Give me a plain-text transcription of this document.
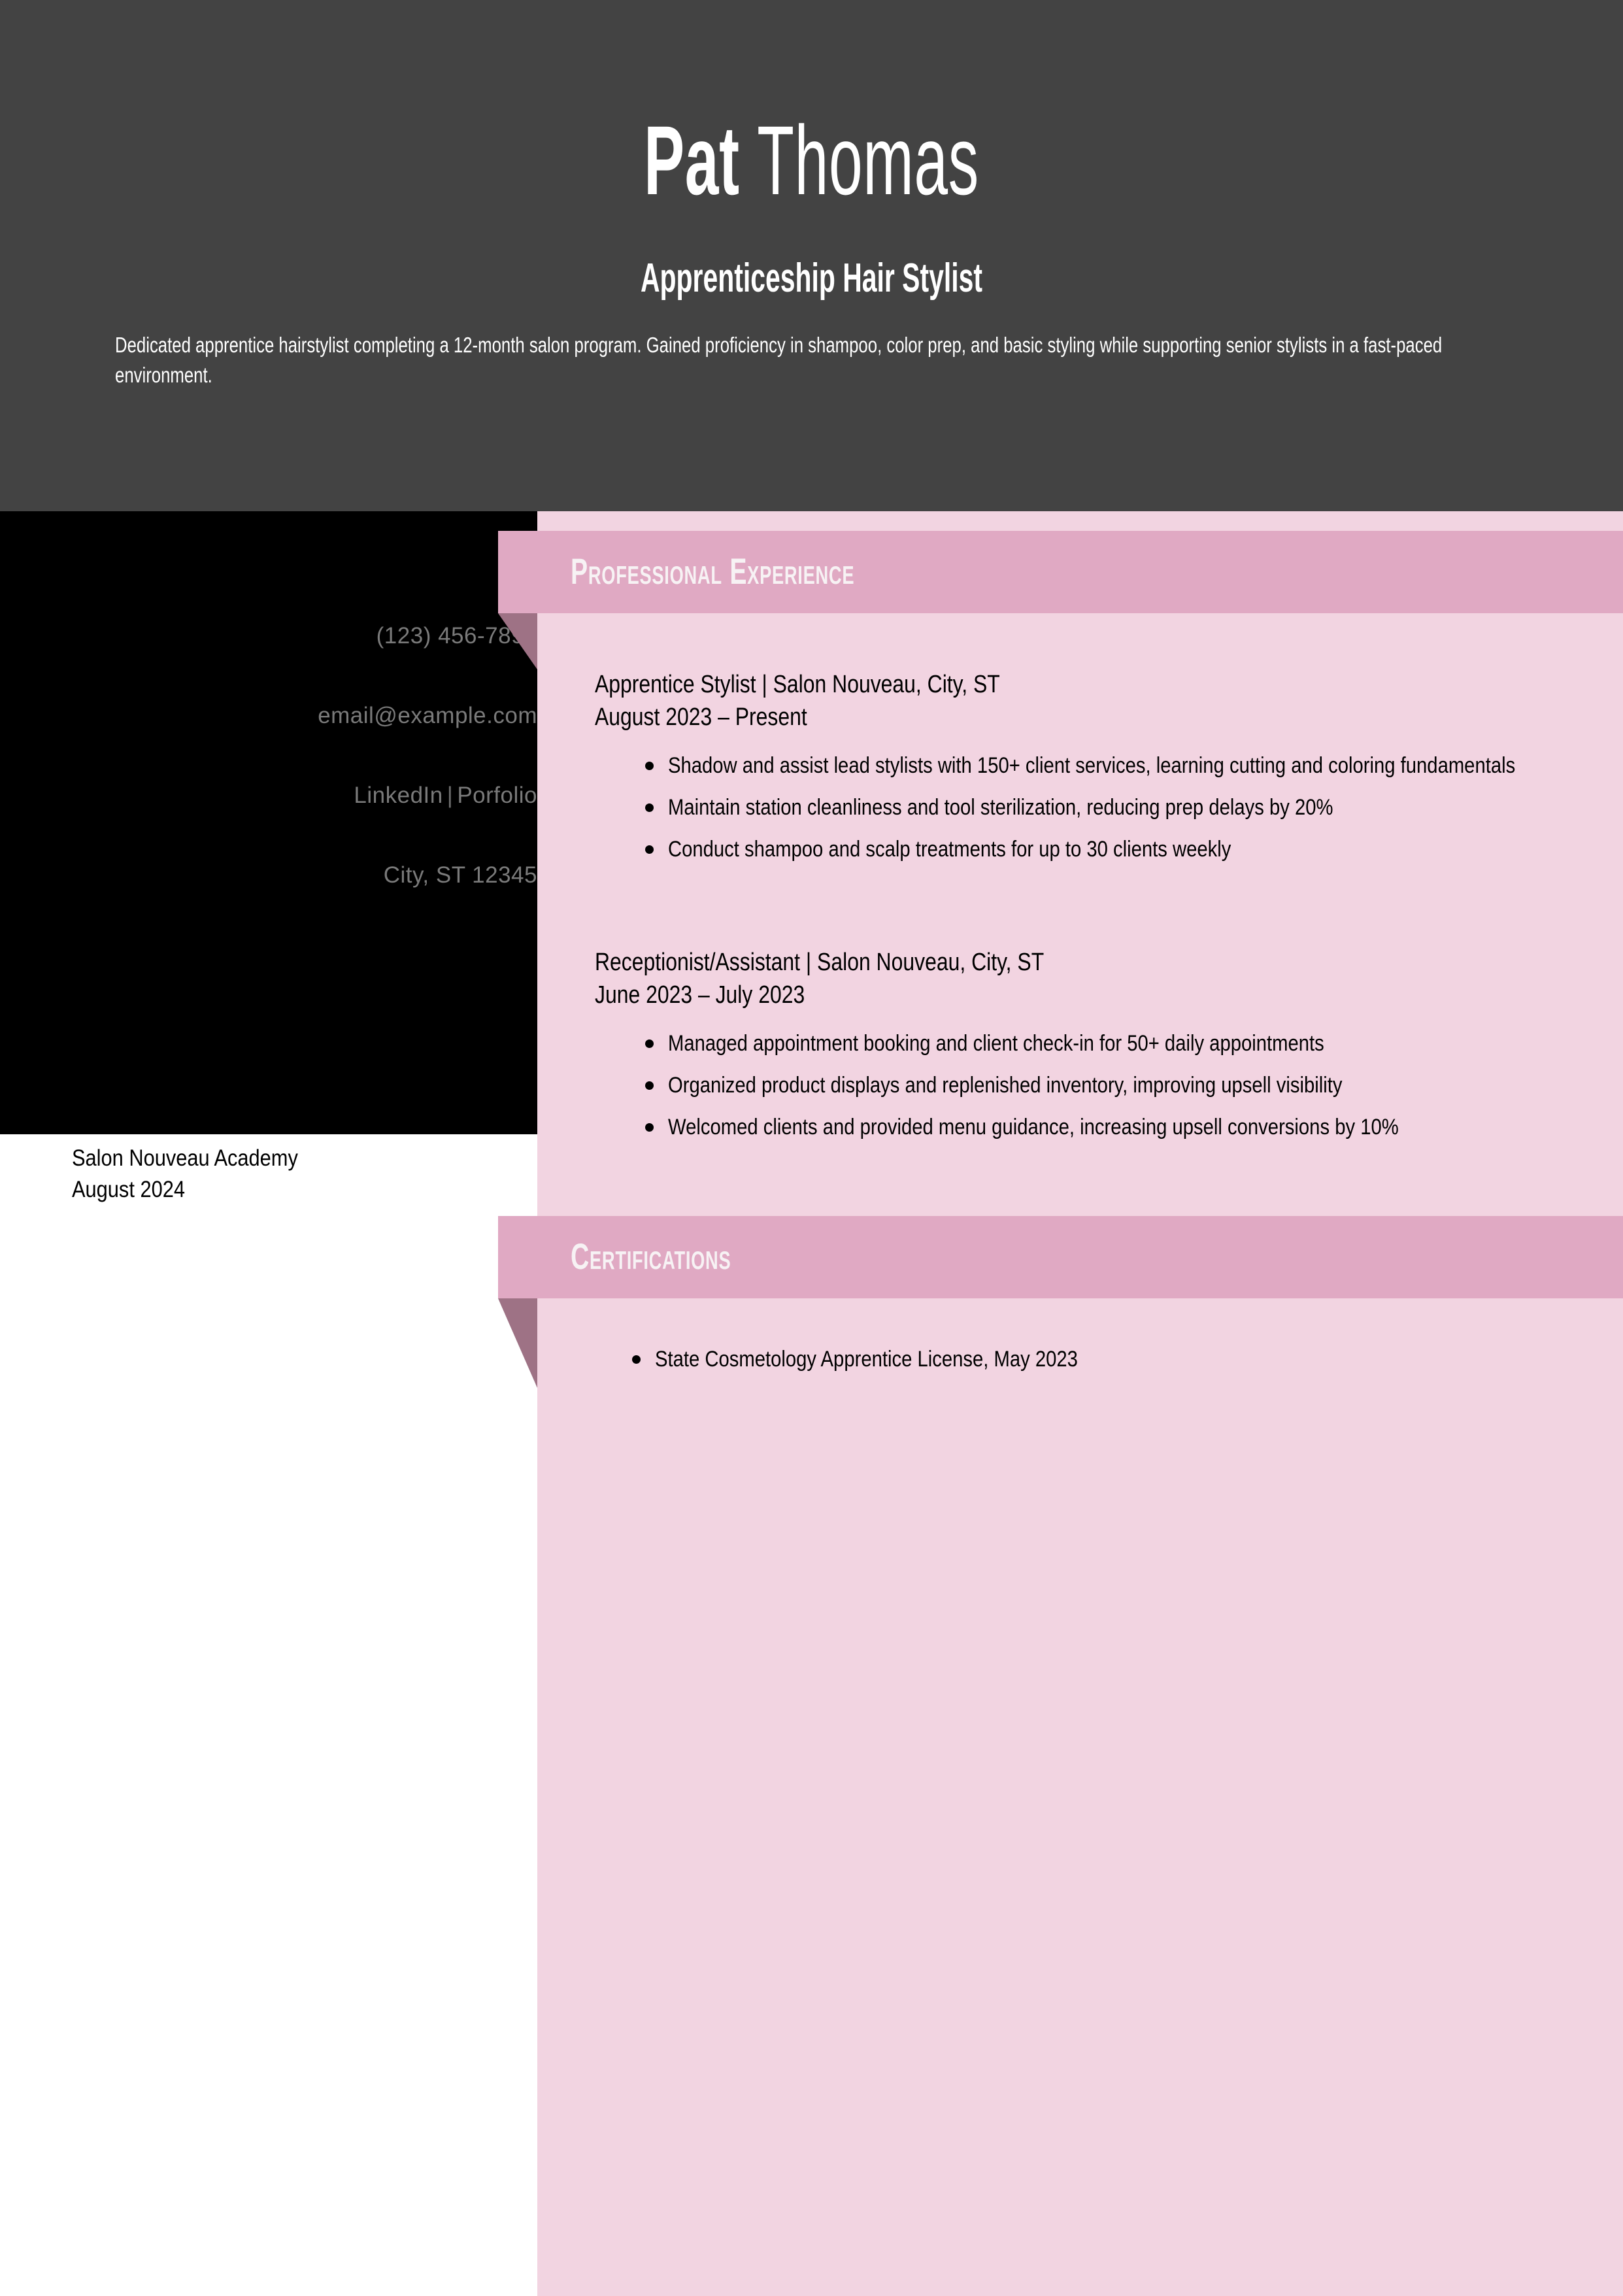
Pat Thomas
Apprenticeship Hair Stylist
Dedicated apprentice hairstylist completing a 12-month salon program. Gained proficiency in shampoo, color prep, and basic styling while supporting senior stylists in a fast-paced environment.
(123) 456-7890
email@example.com
LinkedIn | Porfolio
City, ST 12345
Salon Nouveau Academy
August 2024
Professional Experience
Apprentice Stylist | Salon Nouveau, City, ST
August 2023 – Present
Shadow and assist lead stylists with 150+ client services, learning cutting and coloring fundamentals
Maintain station cleanliness and tool sterilization, reducing prep delays by 20%
Conduct shampoo and scalp treatments for up to 30 clients weekly
Receptionist/Assistant | Salon Nouveau, City, ST
June 2023 – July 2023
Managed appointment booking and client check-in for 50+ daily appointments
Organized product displays and replenished inventory, improving upsell visibility
Welcomed clients and provided menu guidance, increasing upsell conversions by 10%
Certifications
State Cosmetology Apprentice License, May 2023
